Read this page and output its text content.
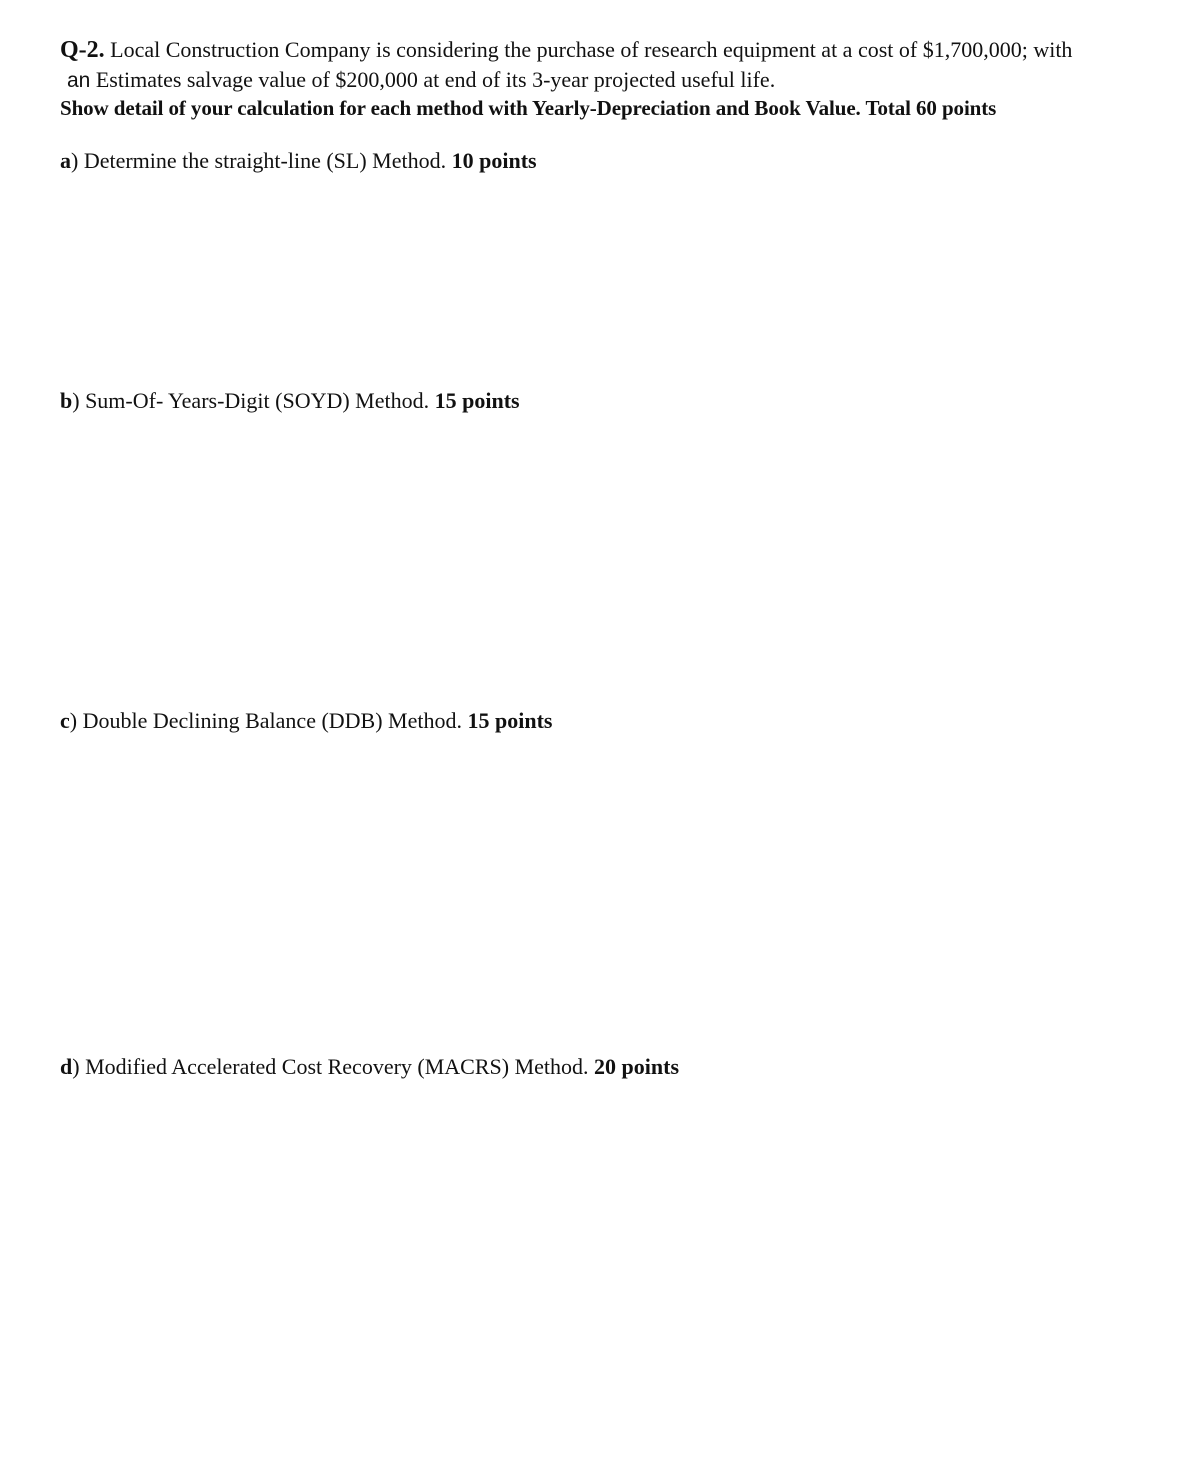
Q-2. Local Construction Company is considering the purchase of research equipment at a cost of $1,700,000; with
an Estimates salvage value of $200,000 at end of its 3-year projected useful life.
Show detail of your calculation for each method with Yearly-Depreciation and Book Value. Total 60 points
a) Determine the straight-line (SL) Method. 10 points
b) Sum-Of- Years-Digit (SOYD) Method. 15 points
c) Double Declining Balance (DDB) Method. 15 points
d) Modified Accelerated Cost Recovery (MACRS) Method. 20 points
